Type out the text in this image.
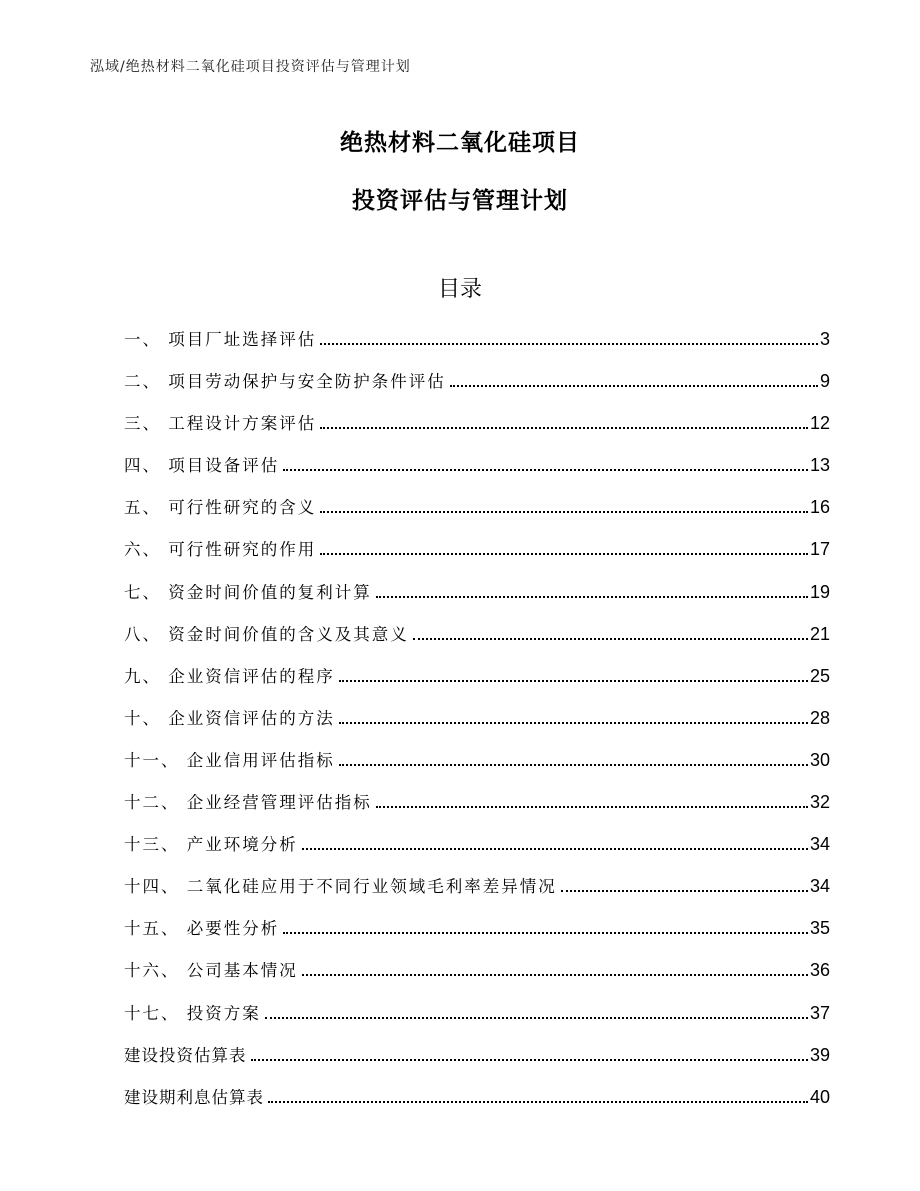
泓域/绝热材料二氧化硅项目投资评估与管理计划
绝热材料二氧化硅项目
投资评估与管理计划
目录
一、 项目厂址选择评估	3
二、 项目劳动保护与安全防护条件评估	9
三、 工程设计方案评估	12
四、 项目设备评估	13
五、 可行性研究的含义	16
六、 可行性研究的作用	17
七、 资金时间价值的复利计算	19
八、 资金时间价值的含义及其意义	21
九、 企业资信评估的程序	25
十、 企业资信评估的方法	28
十一、 企业信用评估指标	30
十二、 企业经营管理评估指标	32
十三、 产业环境分析	34
十四、 二氧化硅应用于不同行业领域毛利率差异情况	34
十五、 必要性分析	35
十六、 公司基本情况	36
十七、 投资方案	37
建设投资估算表	39
建设期利息估算表	40
